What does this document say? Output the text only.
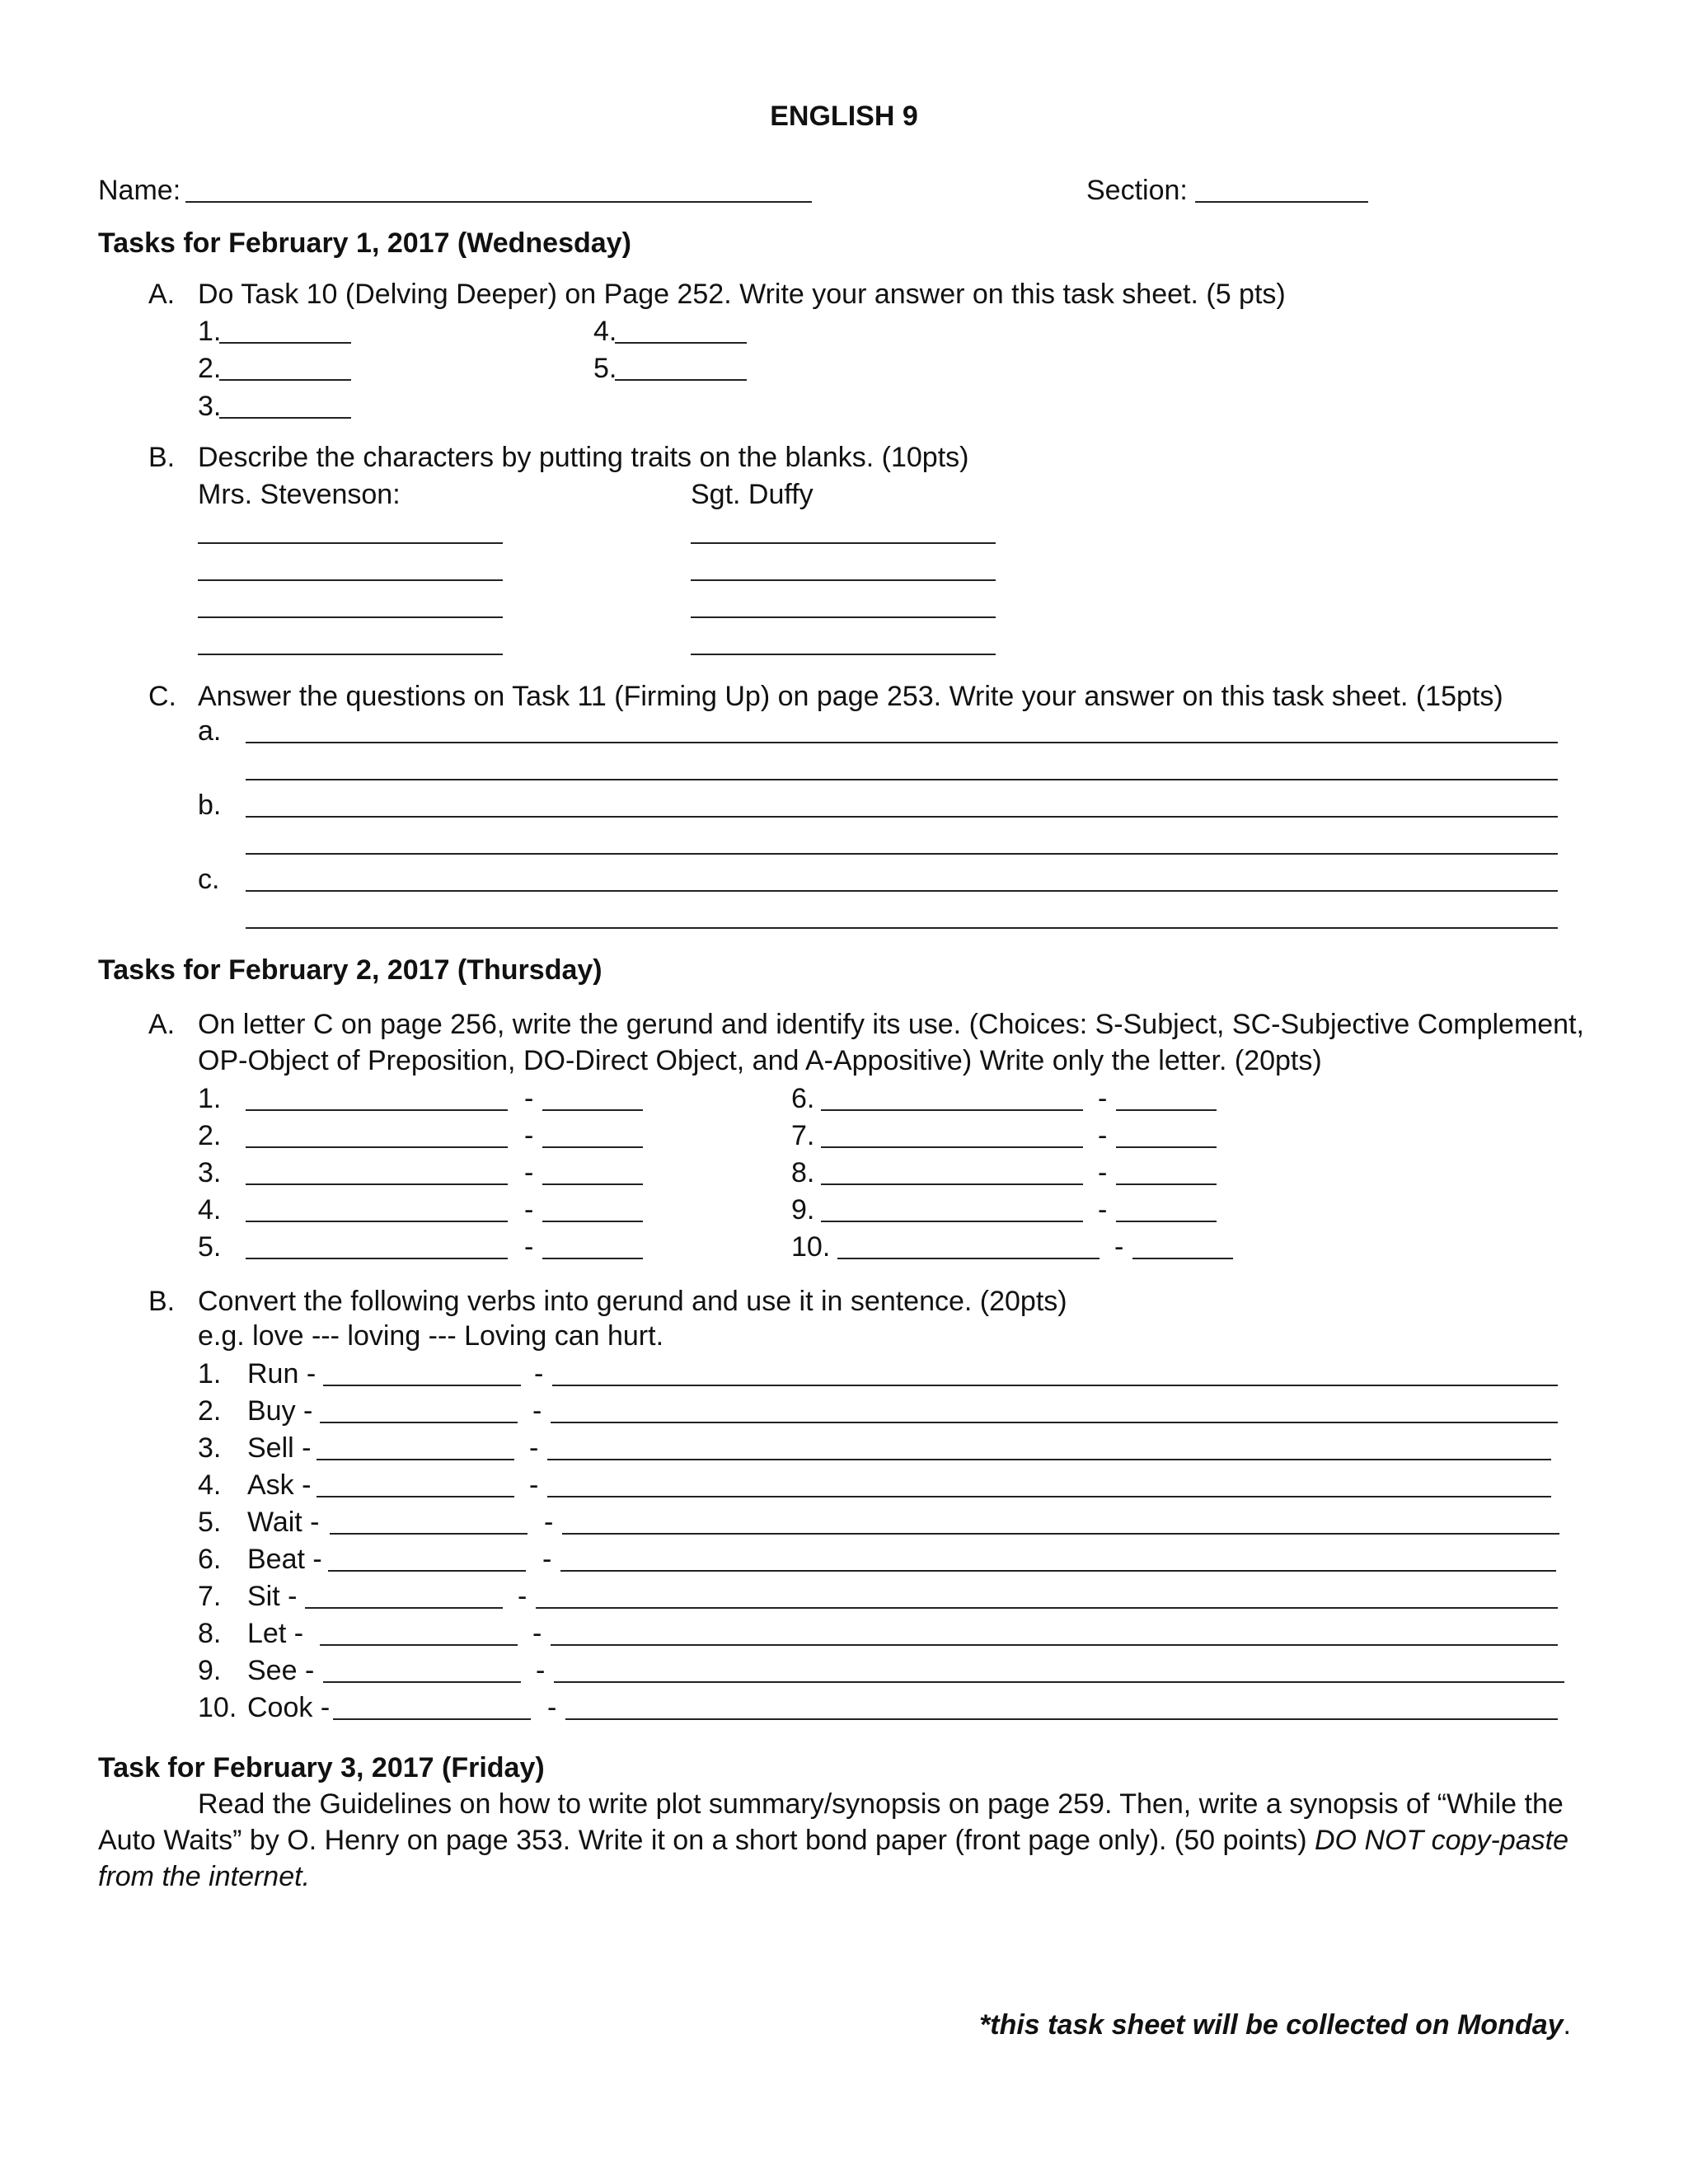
ENGLISH 9
Name:	Section:
Tasks for February 1, 2017 (Wednesday)
A. Do Task 10 (Delving Deeper) on Page 252. Write your answer on this task sheet. (5 pts)
1.
2.
3.
4.
5.
B. Describe the characters by putting traits on the blanks. (10pts)
Mrs. Stevenson:	Sgt. Duffy
C. Answer the questions on Task 11 (Firming Up) on page 253. Write your answer on this task sheet. (15pts)
a.
b.
c.
Tasks for February 2, 2017 (Thursday)
A. On letter C on page 256, write the gerund and identify its use. (Choices: S-Subject, SC-Subjective Complement,
OP-Object of Preposition, DO-Direct Object, and A-Appositive) Write only the letter. (20pts)
1.	-
2.	-
3.	-
4.	-
5.	-
6.	-
7.	-
8.	-
9.	-
10.	-
B. Convert the following verbs into gerund and use it in sentence. (20pts)
e.g. love --- loving --- Loving can hurt.
1. Run -	-
2. Buy -	-
3. Sell -	-
4. Ask -	-
5. Wait -	-
6. Beat -	-
7. Sit -	-
8. Let -	-
9. See -	-
10. Cook -	-
Task for February 3, 2017 (Friday)
Read the Guidelines on how to write plot summary/synopsis on page 259. Then, write a synopsis of “While the
Auto Waits” by O. Henry on page 353. Write it on a short bond paper (front page only). (50 points) DO NOT copy-paste
from the internet.
*this task sheet will be collected on Monday.
